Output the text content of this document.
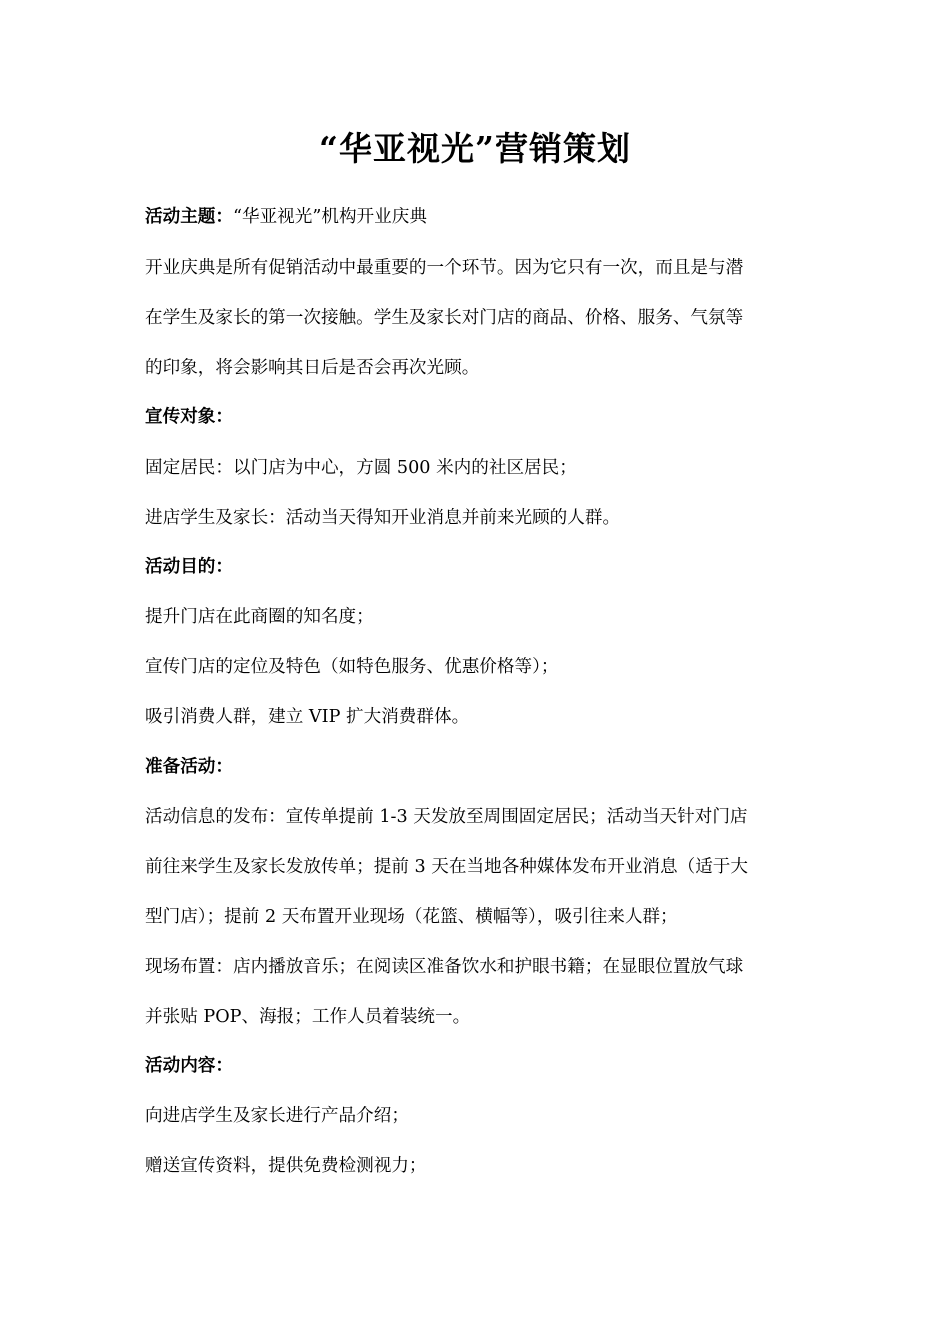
“华亚视光”营销策划
活动主题：“华亚视光”机构开业庆典
开业庆典是所有促销活动中最重要的一个环节。因为它只有一次，而且是与潜
在学生及家长的第一次接触。学生及家长对门店的商品、价格、服务、气氛等
的印象，将会影响其日后是否会再次光顾。
宣传对象：
固定居民：以门店为中心，方圆 500 米内的社区居民；
进店学生及家长：活动当天得知开业消息并前来光顾的人群。
活动目的：
提升门店在此商圈的知名度；
宣传门店的定位及特色（如特色服务、优惠价格等）；
吸引消费人群，建立 VIP 扩大消费群体。
准备活动：
活动信息的发布：宣传单提前 1-3 天发放至周围固定居民；活动当天针对门店
前往来学生及家长发放传单；提前 3 天在当地各种媒体发布开业消息（适于大
型门店）；提前 2 天布置开业现场（花篮、横幅等），吸引往来人群；
现场布置：店内播放音乐；在阅读区准备饮水和护眼书籍；在显眼位置放气球
并张贴 POP、海报；工作人员着装统一。
活动内容：
向进店学生及家长进行产品介绍；
赠送宣传资料，提供免费检测视力；
